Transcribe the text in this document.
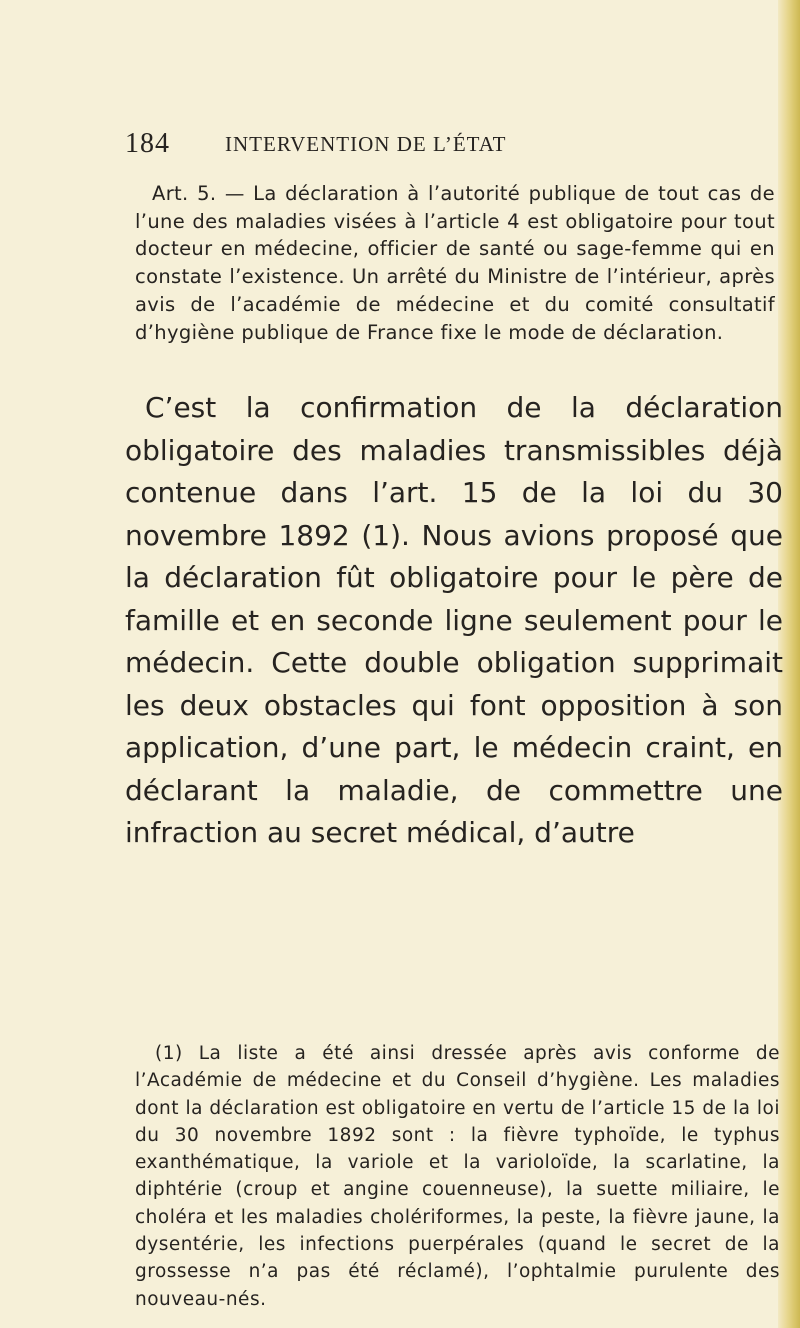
184	INTERVENTION DE L’ÉTAT

Art. 5. — La déclaration à l’autorité publique de tout cas de l’une des maladies visées à l’article 4 est obligatoire pour tout docteur en médecine, officier de santé ou sage-femme qui en constate l’existence. Un arrêté du Ministre de l’intérieur, après avis de l’académie de médecine et du comité consultatif d’hygiène publique de France fixe le mode de déclaration.

C’est la confirmation de la déclaration obligatoire des maladies transmissibles déjà contenue dans l’art. 15 de la loi du 30 novembre 1892 (1). Nous avions proposé que la déclaration fût obligatoire pour le père de famille et en seconde ligne seulement pour le médecin. Cette double obligation supprimait les deux obstacles qui font opposition à son application, d’une part, le médecin craint, en déclarant la maladie, de commettre une infraction au secret médical, d’autre

(1) La liste a été ainsi dressée après avis conforme de l’Académie de médecine et du Conseil d’hygiène. Les maladies dont la déclaration est obligatoire en vertu de l’article 15 de la loi du 30 novembre 1892 sont : la fièvre typhoïde, le typhus exanthématique, la variole et la varioloïde, la scarlatine, la diphtérie (croup et angine couenneuse), la suette miliaire, le choléra et les maladies cholériformes, la peste, la fièvre jaune, la dysentérie, les infections puerpérales (quand le secret de la grossesse n’a pas été réclamé), l’ophtalmie purulente des nouveau-nés.
